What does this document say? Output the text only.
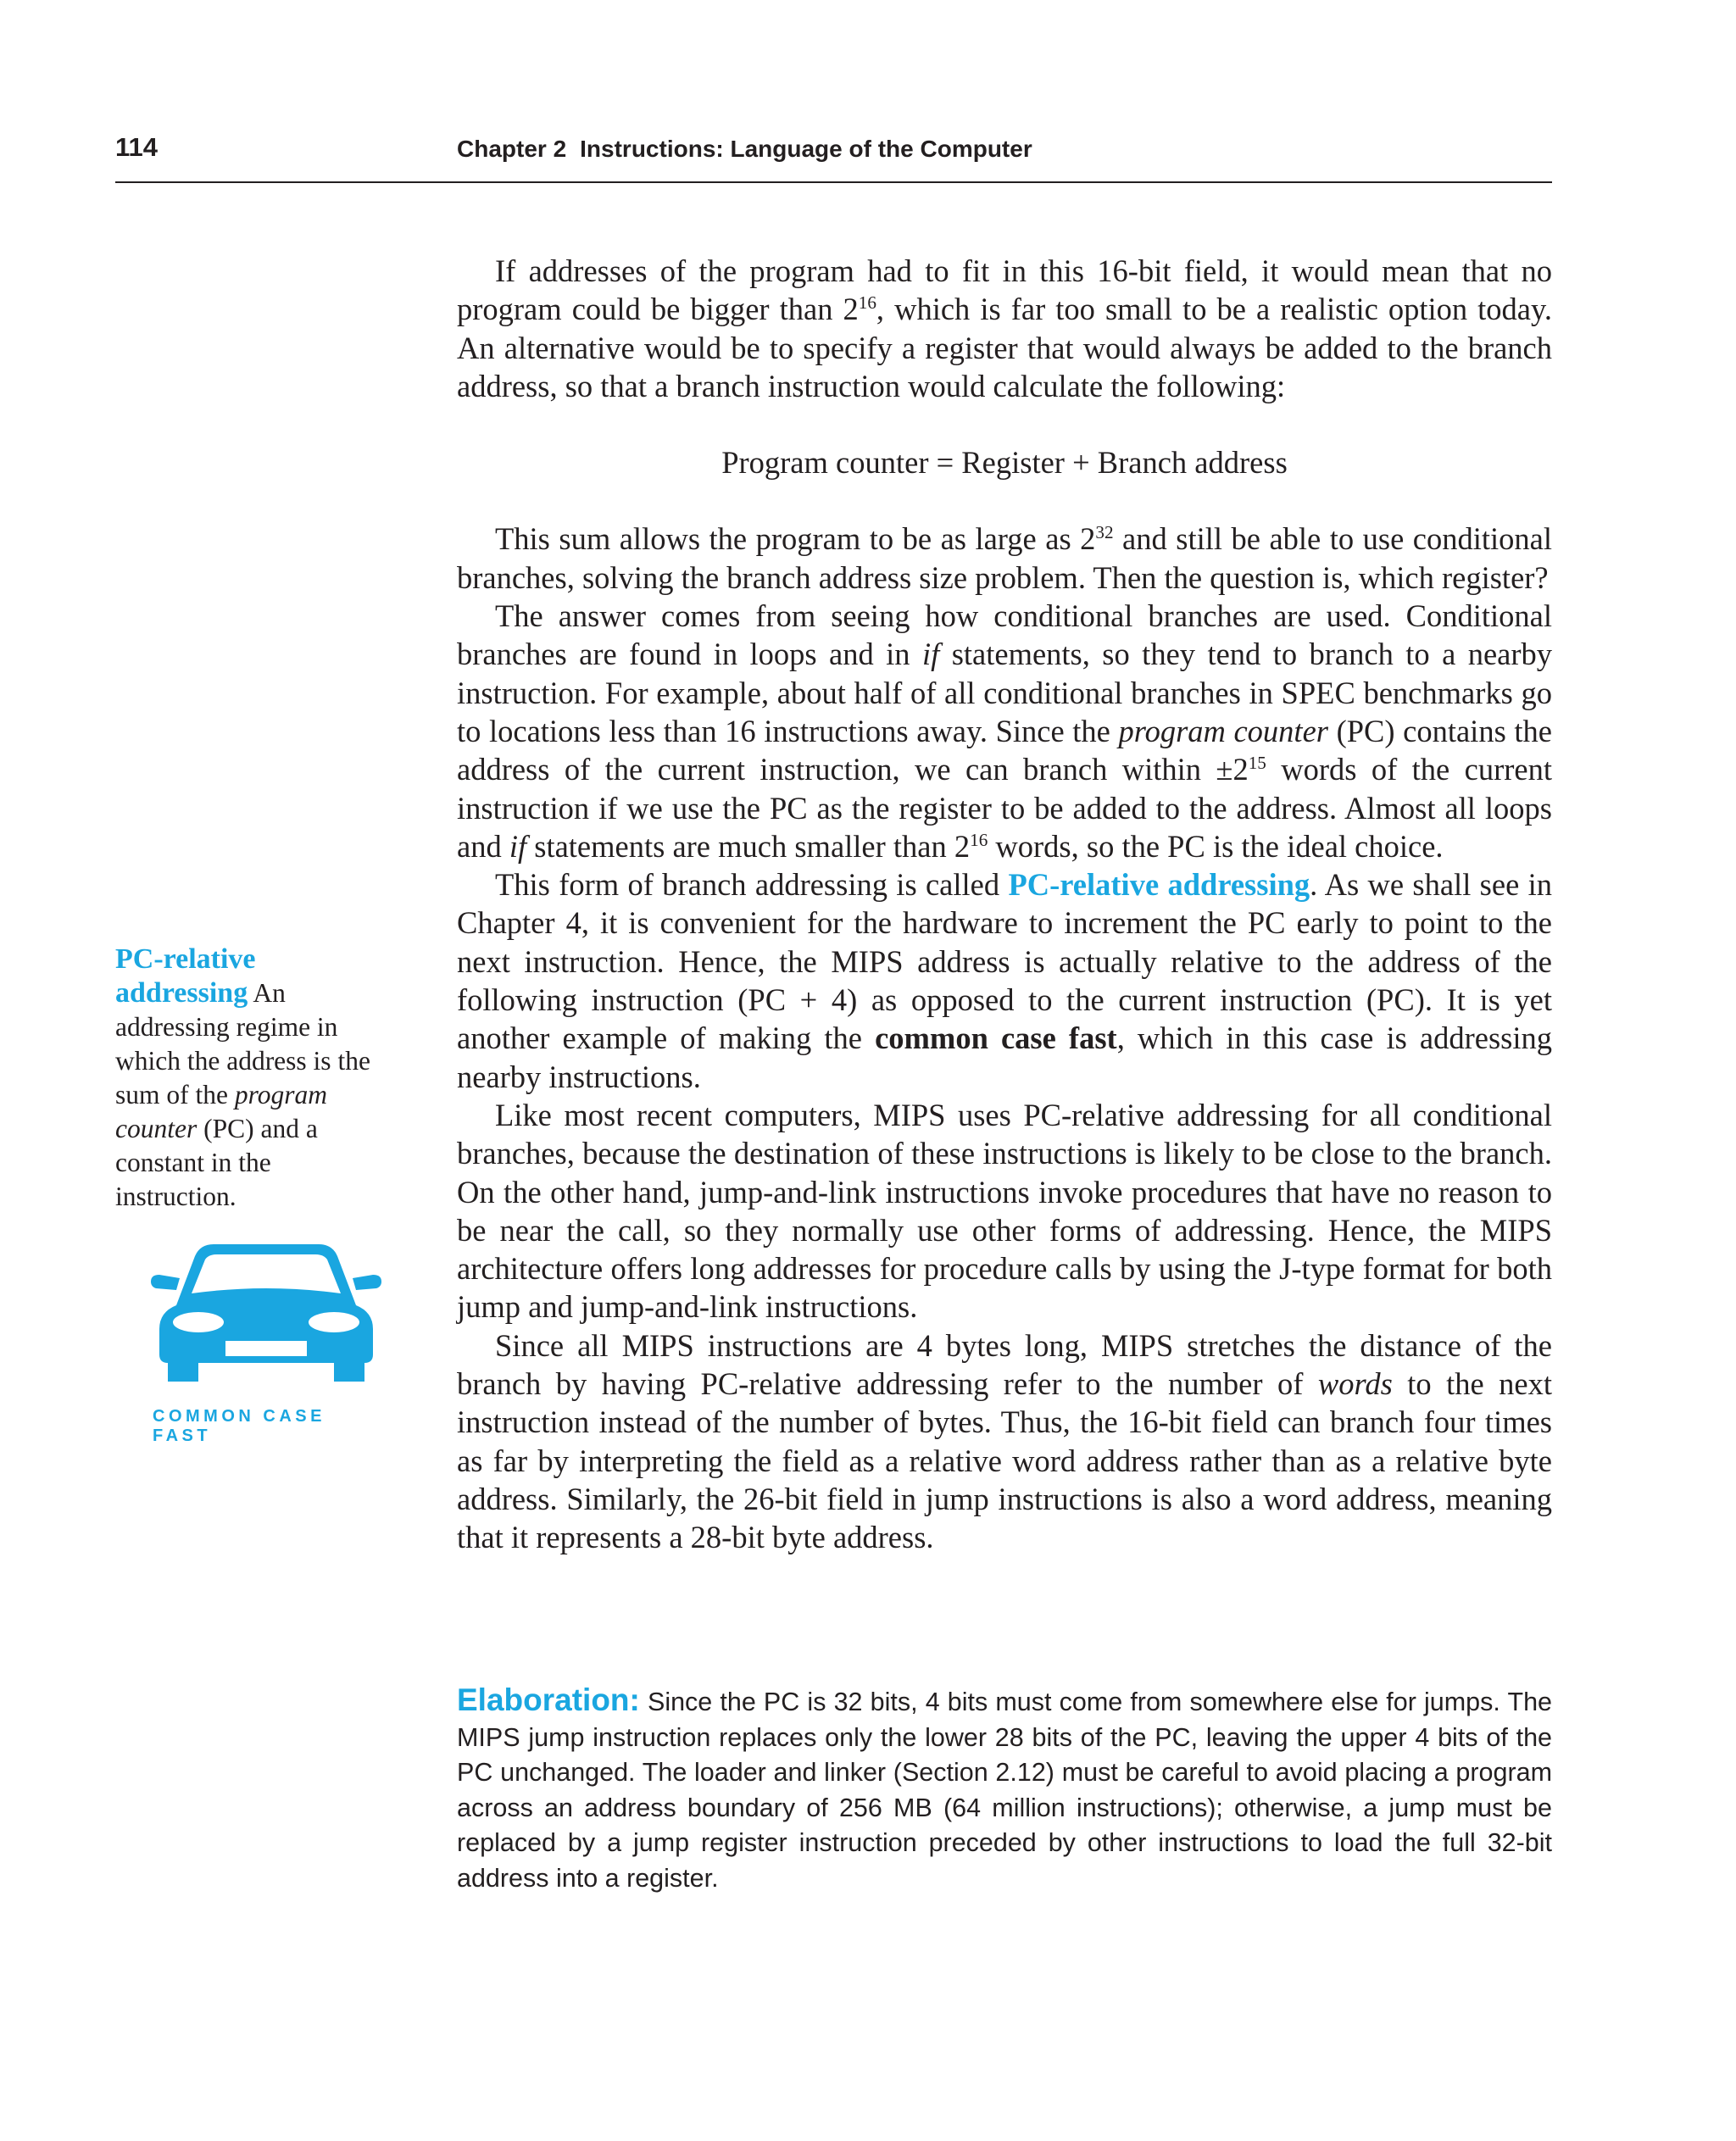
114	Chapter 2 Instructions: Language of the Computer

If addresses of the program had to fit in this 16-bit field, it would mean that no program could be bigger than $2^{16}$, which is far too small to be a realistic option today. An alternative would be to specify a register that would always be added to the branch address, so that a branch instruction would calculate the following:

Program counter = Register + Branch address

This sum allows the program to be as large as $2^{32}$ and still be able to use conditional branches, solving the branch address size problem. Then the question is, which register?

The answer comes from seeing how conditional branches are used. Conditional branches are found in loops and in if statements, so they tend to branch to a nearby instruction. For example, about half of all conditional branches in SPEC benchmarks go to locations less than 16 instructions away. Since the program counter (PC) contains the address of the current instruction, we can branch within $\pm 2^{15}$ words of the current instruction if we use the PC as the register to be added to the address. Almost all loops and if statements are much smaller than $2^{16}$ words, so the PC is the ideal choice.

This form of branch addressing is called PC-relative addressing. As we shall see in Chapter 4, it is convenient for the hardware to increment the PC early to point to the next instruction. Hence, the MIPS address is actually relative to the address of the following instruction (PC + 4) as opposed to the current instruction (PC). It is yet another example of making the common case fast, which in this case is addressing nearby instructions.

Like most recent computers, MIPS uses PC-relative addressing for all conditional branches, because the destination of these instructions is likely to be close to the branch. On the other hand, jump-and-link instructions invoke procedures that have no reason to be near the call, so they normally use other forms of addressing. Hence, the MIPS architecture offers long addresses for procedure calls by using the J-type format for both jump and jump-and-link instructions.

Since all MIPS instructions are 4 bytes long, MIPS stretches the distance of the branch by having PC-relative addressing refer to the number of words to the next instruction instead of the number of bytes. Thus, the 16-bit field can branch four times as far by interpreting the field as a relative word address rather than as a relative byte address. Similarly, the 26-bit field in jump instructions is also a word address, meaning that it represents a 28-bit byte address.

PC-relative addressing An addressing regime in which the address is the sum of the program counter (PC) and a constant in the instruction.
COMMON CASE FAST

Elaboration: Since the PC is 32 bits, 4 bits must come from somewhere else for jumps. The MIPS jump instruction replaces only the lower 28 bits of the PC, leaving the upper 4 bits of the PC unchanged. The loader and linker (Section 2.12) must be careful to avoid placing a program across an address boundary of 256 MB (64 million instructions); otherwise, a jump must be replaced by a jump register instruction preceded by other instructions to load the full 32-bit address into a register.
